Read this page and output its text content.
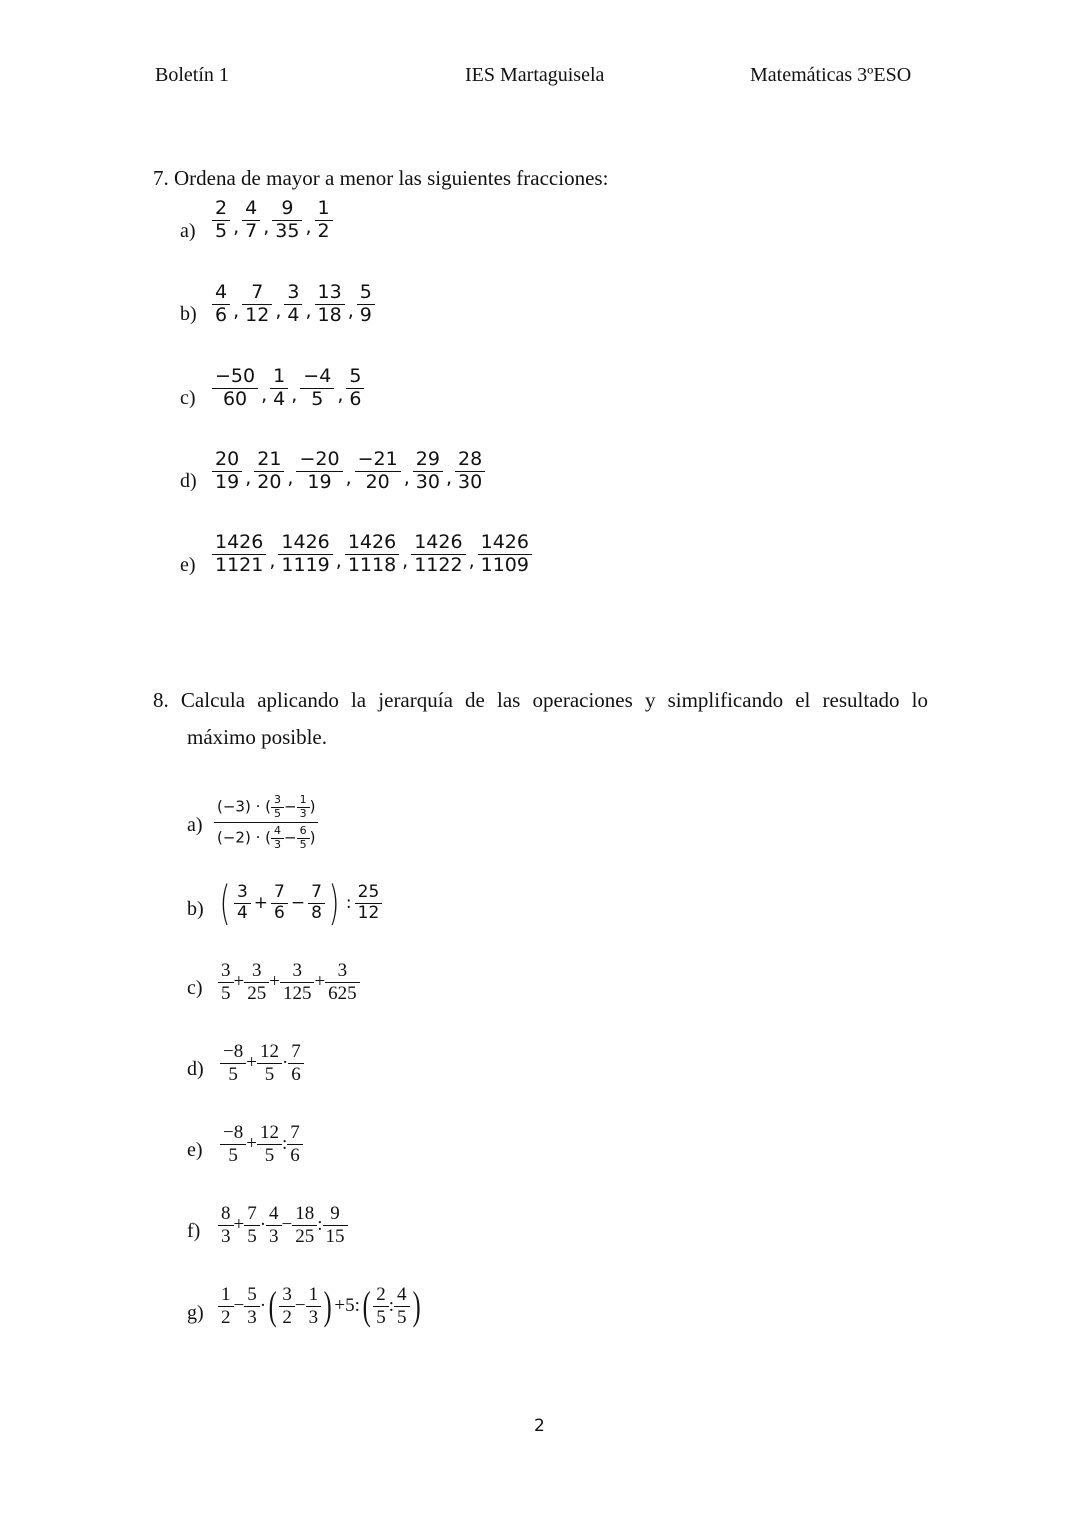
Boletín 1	IES Martaguisela	Matemáticas 3ºESO
7. Ordena de mayor a menor las siguientes fracciones:
$a) \frac{2}{5}$ , $\frac{4}{7}$ , $\frac{9}{35}$ , $\frac{1}{2}$
$b) \frac{4}{6}$ , $\frac{7}{12}$ , $\frac{3}{4}$ , $\frac{13}{18}$ , $\frac{5}{9}$
$c) \frac{-50}{60}$ , $\frac{1}{4}$ , $\frac{-4}{5}$ , $\frac{5}{6}$
$d) \frac{20}{19}$ , $\frac{21}{20}$ , $\frac{-20}{19}$ , $\frac{-21}{20}$ , $\frac{29}{30}$ , $\frac{28}{30}$
$e) \frac{1426}{1121}$ , $\frac{1426}{1119}$ , $\frac{1426}{1118}$ , $\frac{1426}{1122}$ , $\frac{1426}{1109}$
8. Calcula aplicando la jerarquía de las operaciones y simplificando el resultado lo
máximo posible.
$a) \frac{(-3) \cdot ( \frac{3}{5} - \frac{1}{3} )}{(-2) \cdot ( \frac{4}{3} - \frac{6}{5} )}$
b) ( $\frac{3}{4} + \frac{7}{6} - \frac{7}{8}$ ) : $\frac{25}{12}$
$c) \frac{3}{5} + \frac{3}{25} + \frac{3}{125} + \frac{3}{625}$
$d) \frac{-8}{5} + \frac{12}{5} \cdot \frac{7}{6}$
$e) \frac{-8}{5} + \frac{12}{5}$ : $\frac{7}{6}$
$f) \frac{8}{3} + \frac{7}{5} \cdot \frac{4}{3} - \frac{18}{25}$ : $\frac{9}{15}$
$g) \frac{1}{2} - \frac{5}{3}$ · ( $\frac{3}{2} - \frac{1}{3}$ ) +5: ( $\frac{2}{5}$ : $\frac{4}{5}$ )
2
